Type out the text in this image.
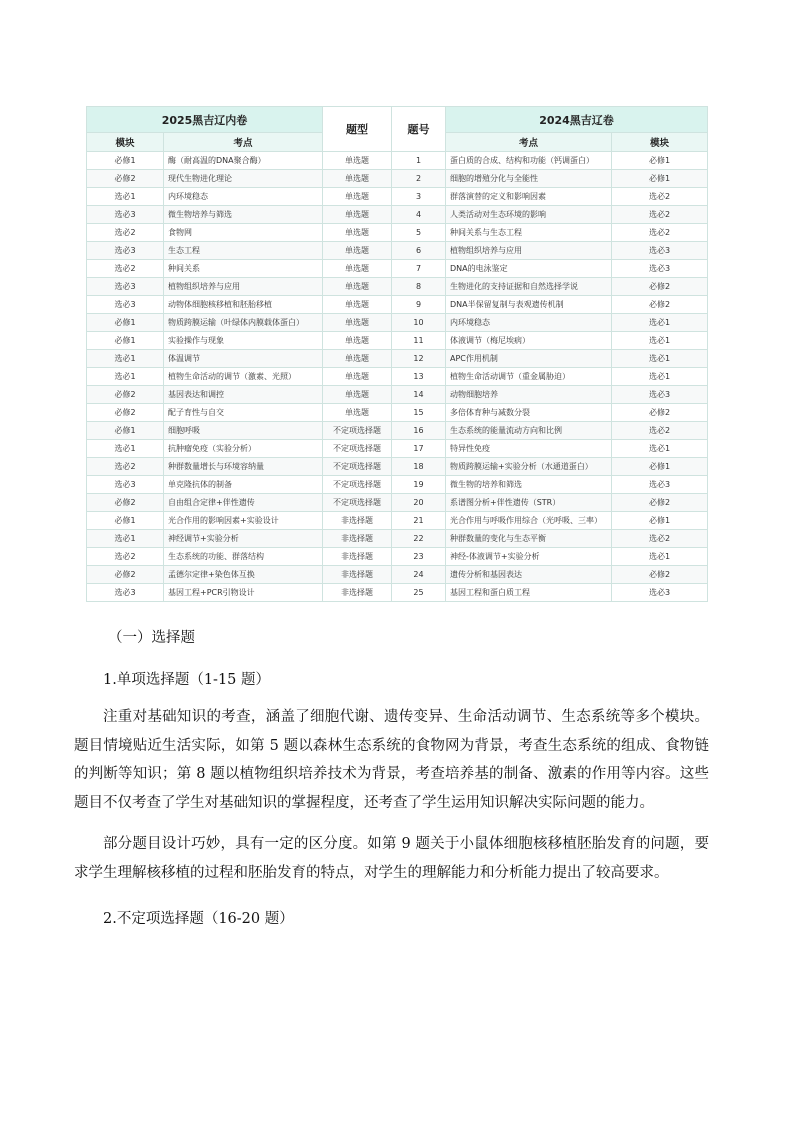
2025黑吉辽内卷		题型	题号	2024黑吉辽卷	
模块	考点			考点	模块
必修1	酶（耐高温的DNA聚合酶）	单选题	1	蛋白质的合成、结构和功能（钙调蛋白）	必修1
必修2	现代生物进化理论	单选题	2	细胞的增殖分化与全能性	必修1
选必1	内环境稳态	单选题	3	群落演替的定义和影响因素	选必2
选必3	微生物培养与筛选	单选题	4	人类活动对生态环境的影响	选必2
选必2	食物网	单选题	5	种间关系与生态工程	选必2
选必3	生态工程	单选题	6	植物组织培养与应用	选必3
选必2	种间关系	单选题	7	DNA的电泳鉴定	选必3
选必3	植物组织培养与应用	单选题	8	生物进化的支持证据和自然选择学说	必修2
选必3	动物体细胞核移植和胚胎移植	单选题	9	DNA半保留复制与表观遗传机制	必修2
必修1	物质跨膜运输（叶绿体内膜载体蛋白）	单选题	10	内环境稳态	选必1
必修1	实验操作与现象	单选题	11	体液调节（梅尼埃病）	选必1
选必1	体温调节	单选题	12	APC作用机制	选必1
选必1	植物生命活动的调节（激素、光照）	单选题	13	植物生命活动调节（重金属胁迫）	选必1
必修2	基因表达和调控	单选题	14	动物细胞培养	选必3
必修2	配子育性与自交	单选题	15	多倍体育种与减数分裂	必修2
必修1	细胞呼吸	不定项选择题	16	生态系统的能量流动方向和比例	选必2
选必1	抗肿瘤免疫（实验分析）	不定项选择题	17	特异性免疫	选必1
选必2	种群数量增长与环境容纳量	不定项选择题	18	物质跨膜运输+实验分析（水通道蛋白）	必修1
选必3	单克隆抗体的制备	不定项选择题	19	微生物的培养和筛选	选必3
必修2	自由组合定律+伴性遗传	不定项选择题	20	系谱图分析+伴性遗传（STR）	必修2
必修1	光合作用的影响因素+实验设计	非选择题	21	光合作用与呼吸作用综合（光呼吸、三率）	必修1
选必1	神经调节+实验分析	非选择题	22	种群数量的变化与生态平衡	选必2
选必2	生态系统的功能、群落结构	非选择题	23	神经-体液调节+实验分析	选必1
必修2	孟德尔定律+染色体互换	非选择题	24	遗传分析和基因表达	必修2
选必3	基因工程+PCR引物设计	非选择题	25	基因工程和蛋白质工程	选必3

（一）选择题

1.单项选择题（1-15 题）

注重对基础知识的考查，涵盖了细胞代谢、遗传变异、生命活动调节、生态系统等多个模块。题目情境贴近生活实际，如第 5 题以森林生态系统的食物网为背景，考查生态系统的组成、食物链的判断等知识；第 8 题以植物组织培养技术为背景，考查培养基的制备、激素的作用等内容。这些题目不仅考查了学生对基础知识的掌握程度，还考查了学生运用知识解决实际问题的能力。

部分题目设计巧妙，具有一定的区分度。如第 9 题关于小鼠体细胞核移植胚胎发育的问题，要求学生理解核移植的过程和胚胎发育的特点，对学生的理解能力和分析能力提出了较高要求。

2.不定项选择题（16-20 题）
